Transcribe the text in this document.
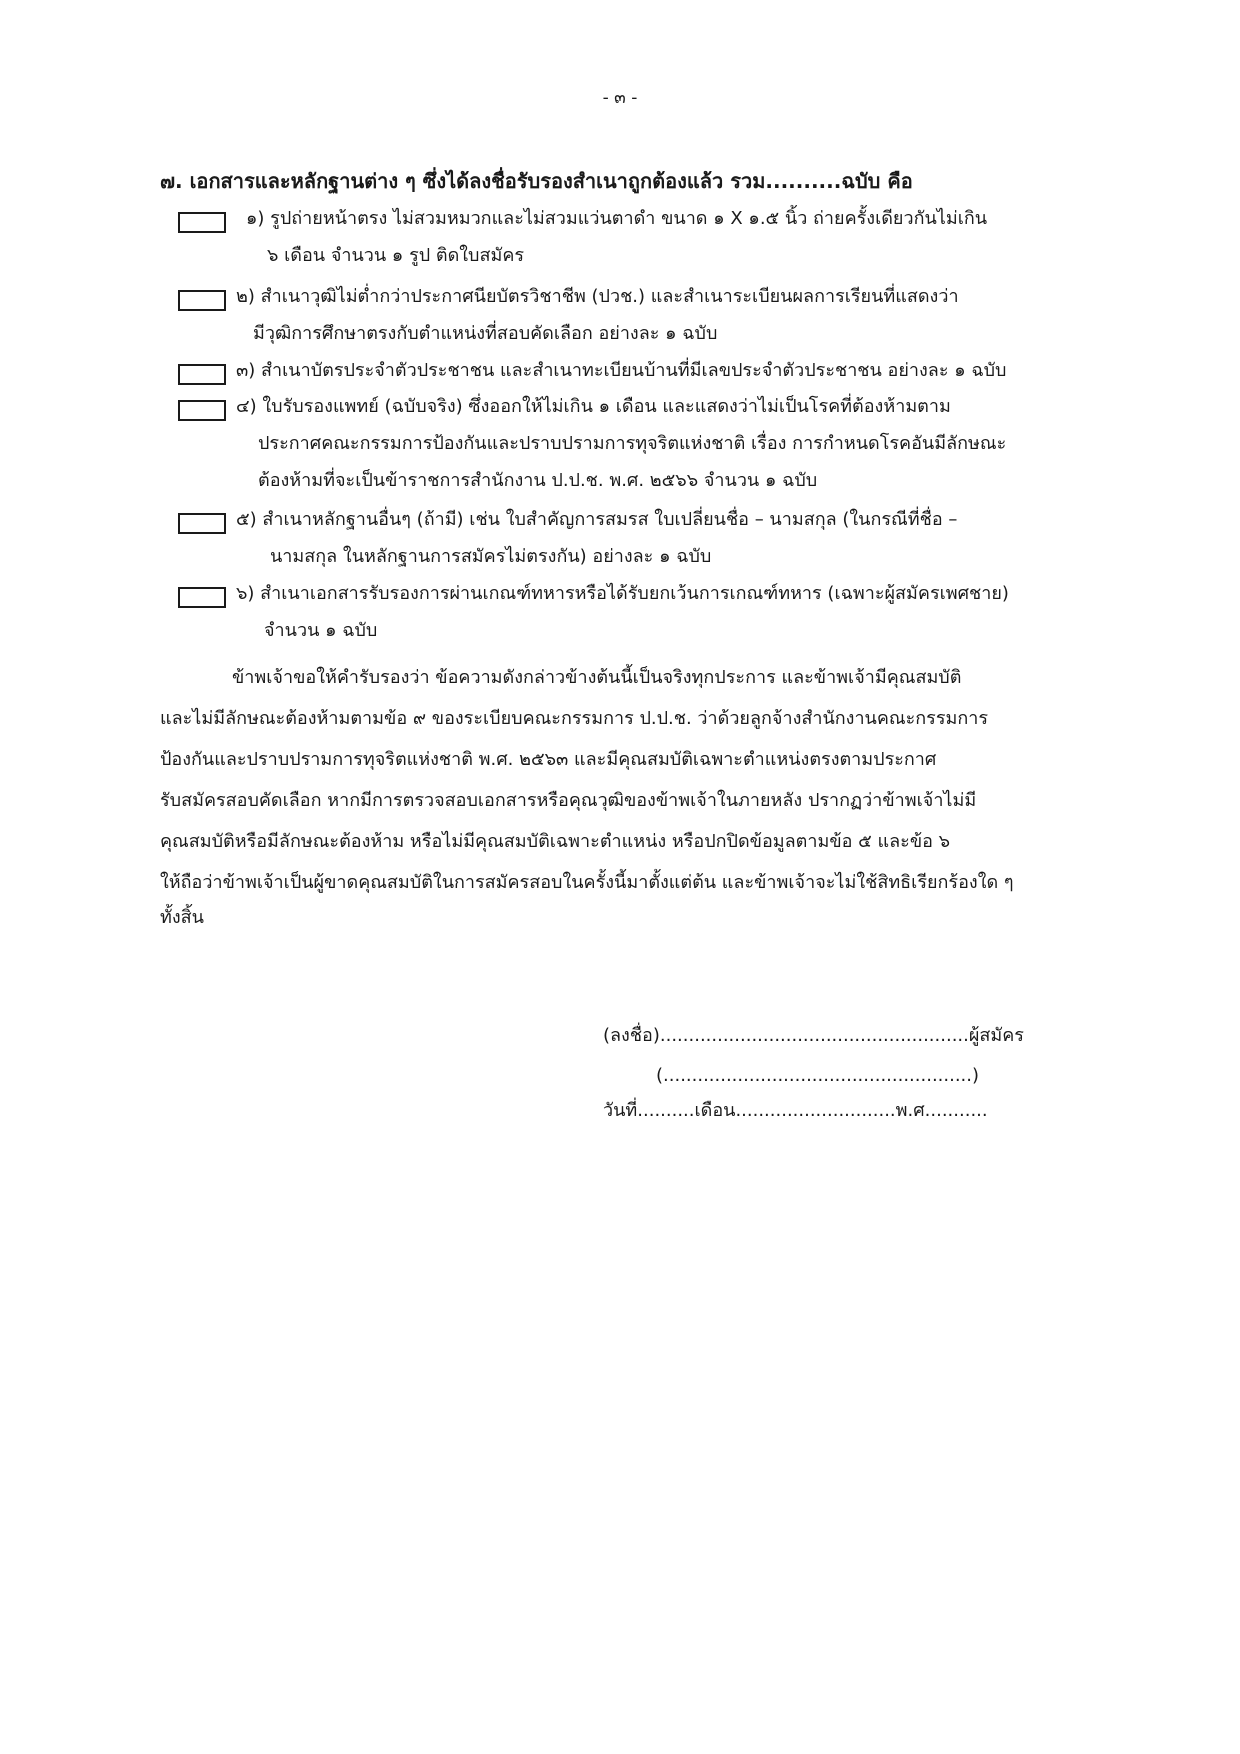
- ๓ -
๗. เอกสารและหลักฐานต่าง ๆ ซึ่งได้ลงชื่อรับรองสำเนาถูกต้องแล้ว รวม..........ฉบับ คือ
๑) รูปถ่ายหน้าตรง ไม่สวมหมวกและไม่สวมแว่นตาดำ ขนาด ๑ X ๑.๕ นิ้ว ถ่ายครั้งเดียวกันไม่เกิน
๖ เดือน จำนวน ๑ รูป ติดใบสมัคร
๒) สำเนาวุฒิไม่ต่ำกว่าประกาศนียบัตรวิชาชีพ (ปวช.) และสำเนาระเบียนผลการเรียนที่แสดงว่า
มีวุฒิการศึกษาตรงกับตำแหน่งที่สอบคัดเลือก อย่างละ ๑ ฉบับ
๓) สำเนาบัตรประจำตัวประชาชน และสำเนาทะเบียนบ้านที่มีเลขประจำตัวประชาชน อย่างละ ๑ ฉบับ
๔) ใบรับรองแพทย์ (ฉบับจริง) ซึ่งออกให้ไม่เกิน ๑ เดือน และแสดงว่าไม่เป็นโรคที่ต้องห้ามตาม
ประกาศคณะกรรมการป้องกันและปราบปรามการทุจริตแห่งชาติ เรื่อง การกำหนดโรคอันมีลักษณะ
ต้องห้ามที่จะเป็นข้าราชการสำนักงาน ป.ป.ช. พ.ศ. ๒๕๖๖ จำนวน ๑ ฉบับ
๕) สำเนาหลักฐานอื่นๆ (ถ้ามี) เช่น ใบสำคัญการสมรส ใบเปลี่ยนชื่อ – นามสกุล (ในกรณีที่ชื่อ –
นามสกุล ในหลักฐานการสมัครไม่ตรงกัน) อย่างละ ๑ ฉบับ
๖) สำเนาเอกสารรับรองการผ่านเกณฑ์ทหารหรือได้รับยกเว้นการเกณฑ์ทหาร (เฉพาะผู้สมัครเพศชาย)
จำนวน ๑ ฉบับ
ข้าพเจ้าขอให้คำรับรองว่า ข้อความดังกล่าวข้างต้นนี้เป็นจริงทุกประการ และข้าพเจ้ามีคุณสมบัติ
และไม่มีลักษณะต้องห้ามตามข้อ ๙ ของระเบียบคณะกรรมการ ป.ป.ช. ว่าด้วยลูกจ้างสำนักงานคณะกรรมการ
ป้องกันและปราบปรามการทุจริตแห่งชาติ พ.ศ. ๒๕๖๓ และมีคุณสมบัติเฉพาะตำแหน่งตรงตามประกาศ
รับสมัครสอบคัดเลือก หากมีการตรวจสอบเอกสารหรือคุณวุฒิของข้าพเจ้าในภายหลัง ปรากฏว่าข้าพเจ้าไม่มี
คุณสมบัติหรือมีลักษณะต้องห้าม หรือไม่มีคุณสมบัติเฉพาะตำแหน่ง หรือปกปิดข้อมูลตามข้อ ๕ และข้อ ๖
ให้ถือว่าข้าพเจ้าเป็นผู้ขาดคุณสมบัติในการสมัครสอบในครั้งนี้มาตั้งแต่ต้น และข้าพเจ้าจะไม่ใช้สิทธิเรียกร้องใด ๆ
ทั้งสิ้น
(ลงชื่อ)......................................................ผู้สมัคร
(......................................................)
วันที่..........เดือน............................พ.ศ...........
